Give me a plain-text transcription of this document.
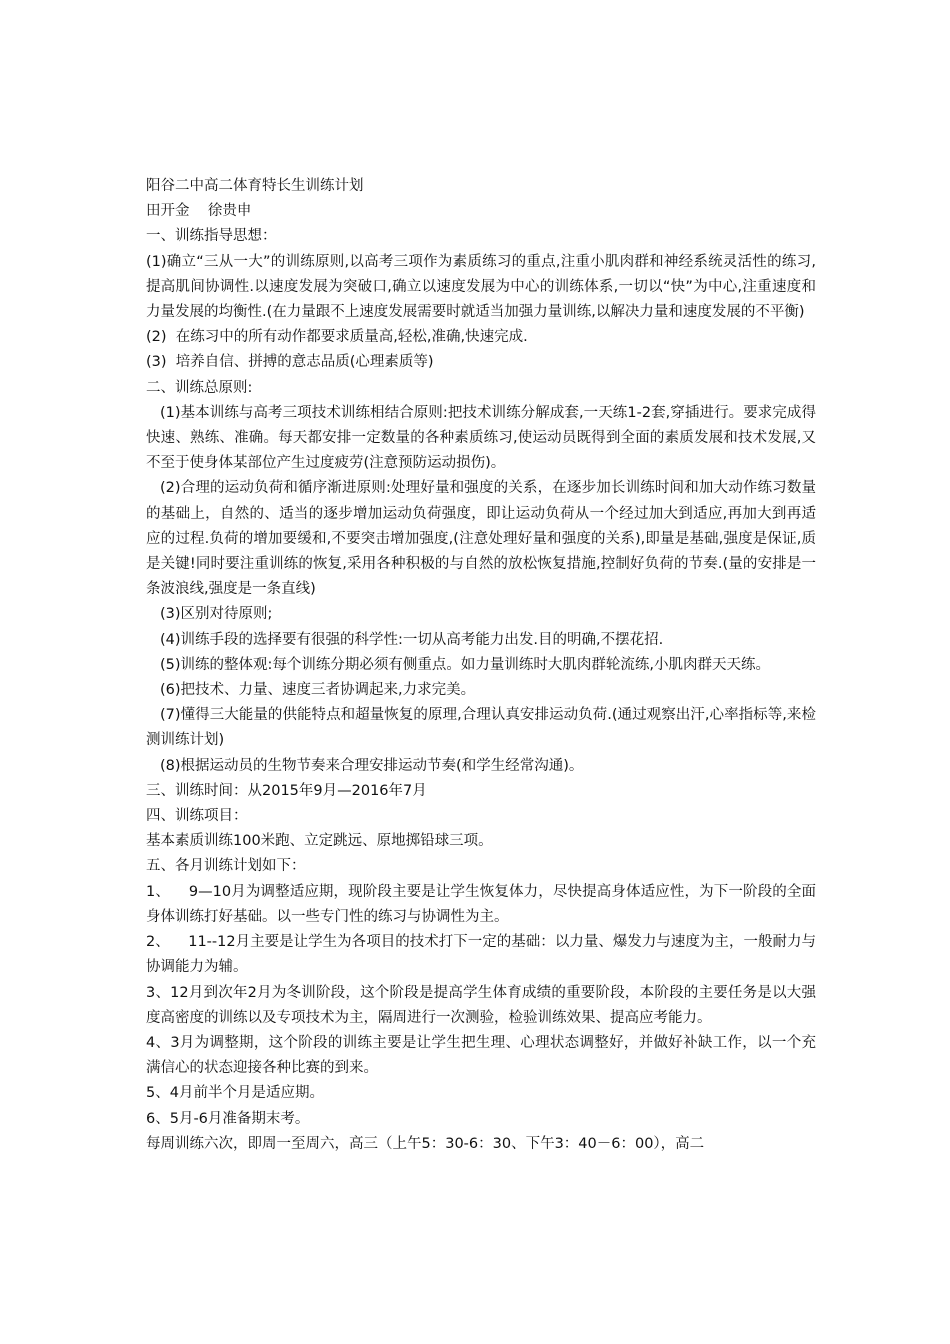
阳谷二中高二体育特长生训练计划

田开金    徐贵申

一、训练指导思想：

(1)确立“三从一大”的训练原则,以高考三项作为素质练习的重点,注重小肌肉群和神经系统灵活性的练习,提高肌间协调性.以速度发展为突破口,确立以速度发展为中心的训练体系,一切以“快”为中心,注重速度和力量发展的均衡性.(在力量跟不上速度发展需要时就适当加强力量训练,以解决力量和速度发展的不平衡)

(2)  在练习中的所有动作都要求质量高,轻松,准确,快速完成.

(3)  培养自信、拼搏的意志品质(心理素质等)

二、训练总原则:

(1)基本训练与高考三项技术训练相结合原则:把技术训练分解成套,一天练1-2套,穿插进行。要求完成得快速、熟练、准确。每天都安排一定数量的各种素质练习,使运动员既得到全面的素质发展和技术发展,又不至于使身体某部位产生过度疲劳(注意预防运动损伤)。

(2)合理的运动负荷和循序渐进原则:处理好量和强度的关系，在逐步加长训练时间和加大动作练习数量的基础上，自然的、适当的逐步增加运动负荷强度，即让运动负荷从一个经过加大到适应,再加大到再适应的过程.负荷的增加要缓和,不要突击增加强度,(注意处理好量和强度的关系),即量是基础,强度是保证,质是关键!同时要注重训练的恢复,采用各种积极的与自然的放松恢复措施,控制好负荷的节奏.(量的安排是一条波浪线,强度是一条直线)

(3)区别对待原则;

(4)训练手段的选择要有很强的科学性:一切从高考能力出发.目的明确,不摆花招.

(5)训练的整体观:每个训练分期必须有侧重点。如力量训练时大肌肉群轮流练,小肌肉群天天练。

(6)把技术、力量、速度三者协调起来,力求完美。

(7)懂得三大能量的供能特点和超量恢复的原理,合理认真安排运动负荷.(通过观察出汗,心率指标等,来检测训练计划)

(8)根据运动员的生物节奏来合理安排运动节奏(和学生经常沟通)。

三、训练时间：从2015年9月—2016年7月

四、训练项目：

基本素质训练100米跑、立定跳远、原地掷铅球三项。

五、各月训练计划如下：

1、    9—10月为调整适应期，现阶段主要是让学生恢复体力，尽快提高身体适应性，为下一阶段的全面身体训练打好基础。以一些专门性的练习与协调性为主。

2、    11--12月主要是让学生为各项目的技术打下一定的基础：以力量、爆发力与速度为主，一般耐力与协调能力为辅。

3、12月到次年2月为冬训阶段，这个阶段是提高学生体育成绩的重要阶段，本阶段的主要任务是以大强度高密度的训练以及专项技术为主，隔周进行一次测验，检验训练效果、提高应考能力。

4、3月为调整期，这个阶段的训练主要是让学生把生理、心理状态调整好，并做好补缺工作，以一个充满信心的状态迎接各种比赛的到来。

5、4月前半个月是适应期。

6、5月-6月准备期末考。

每周训练六次，即周一至周六，高三（上午5：30-6：30、下午3：40－6：00），高二
